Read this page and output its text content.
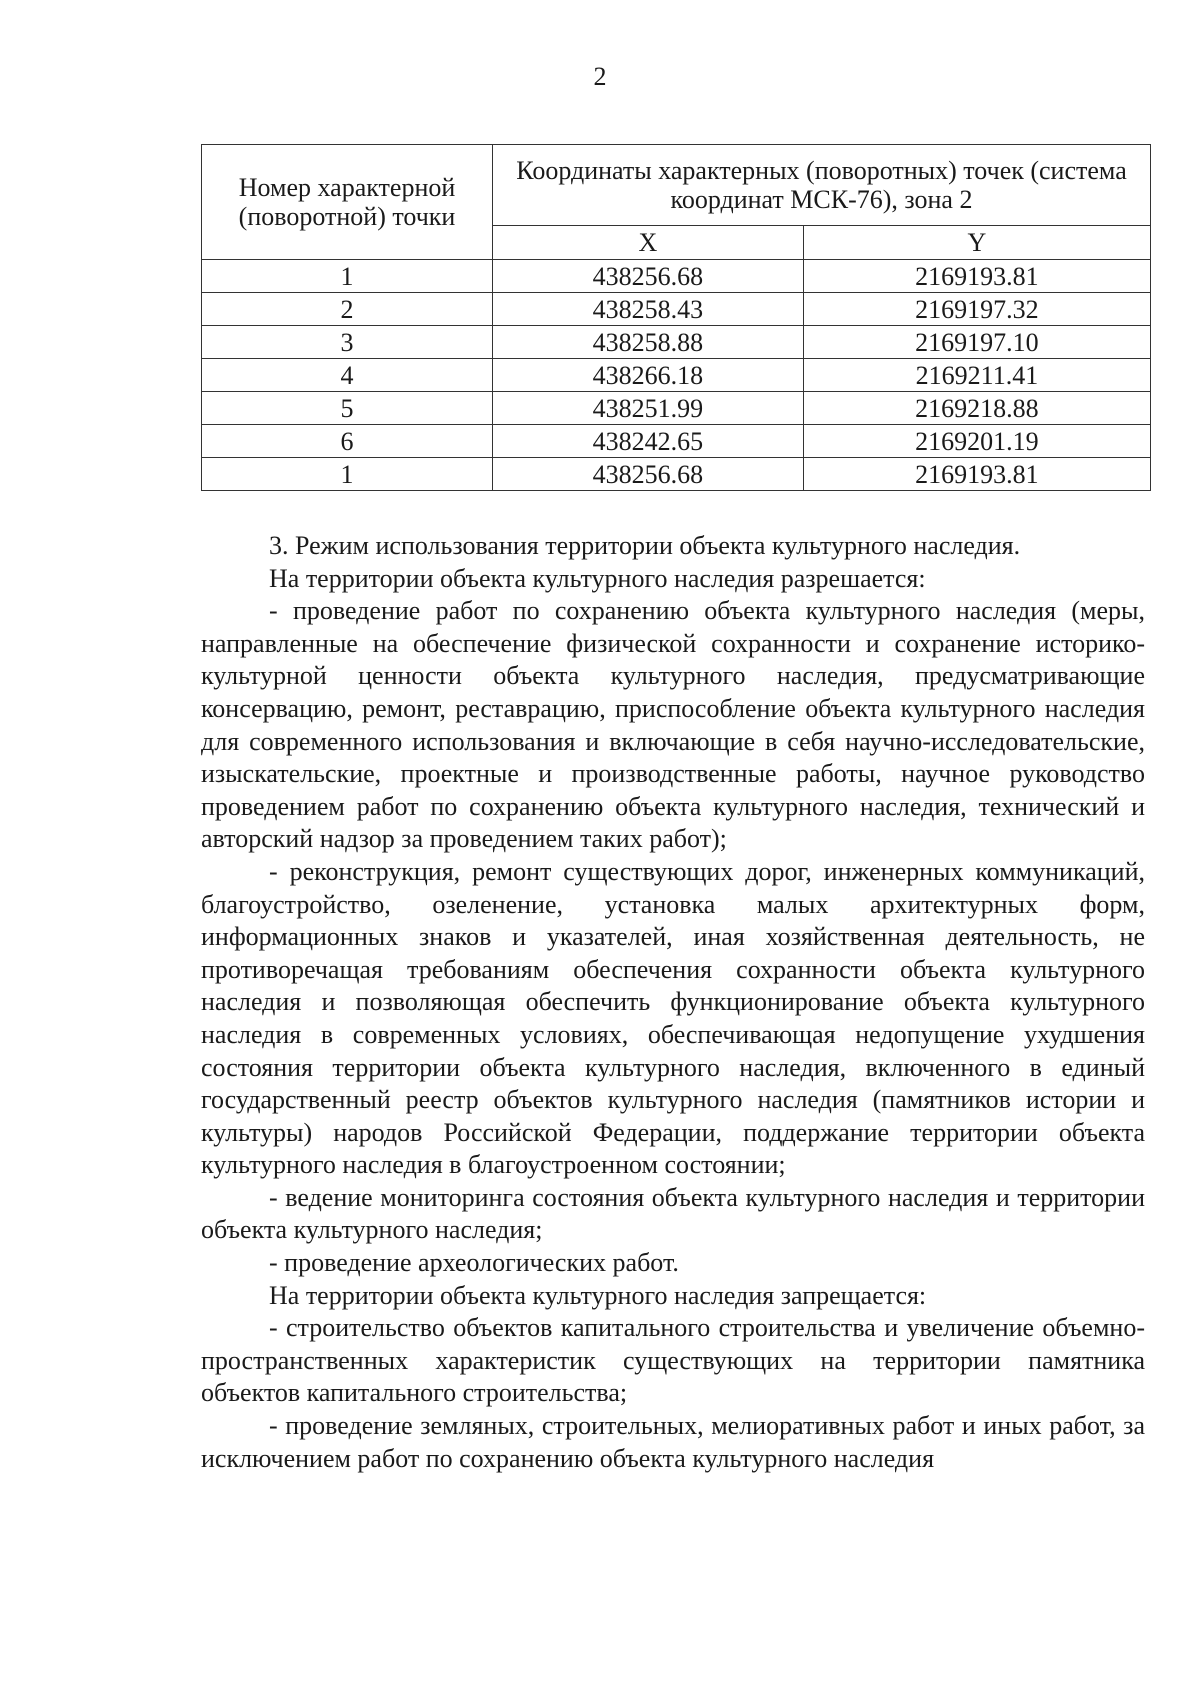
2
Номер характерной (поворотной) точки	Координаты характерных (поворотных) точек (система координат МСК-76), зона 2	
	X	Y
1	438256.68	2169193.81
2	438258.43	2169197.32
3	438258.88	2169197.10
4	438266.18	2169211.41
5	438251.99	2169218.88
6	438242.65	2169201.19
1	438256.68	2169193.81

3. Режим использования территории объекта культурного наследия.

На территории объекта культурного наследия разрешается:

- проведение работ по сохранению объекта культурного наследия (меры, направленные на обеспечение физической сохранности и сохранение историко-культурной ценности объекта культурного наследия, предусматривающие консервацию, ремонт, реставрацию, приспособление объекта культурного наследия для современного использования и включающие в себя научно-исследовательские, изыскательские, проектные и производственные работы, научное руководство проведением работ по сохранению объекта культурного наследия, технический и авторский надзор за проведением таких работ);

- реконструкция, ремонт существующих дорог, инженерных коммуникаций, благоустройство, озеленение, установка малых архитектурных форм, информационных знаков и указателей, иная хозяйственная деятельность, не противоречащая требованиям обеспечения сохранности объекта культурного наследия и позволяющая обеспечить функционирование объекта культурного наследия в современных условиях, обеспечивающая недопущение ухудшения состояния территории объекта культурного наследия, включенного в единый государственный реестр объектов культурного наследия (памятников истории и культуры) народов Российской Федерации, поддержание территории объекта культурного наследия в благоустроенном состоянии;

- ведение мониторинга состояния объекта культурного наследия и территории объекта культурного наследия;

- проведение археологических работ.

На территории объекта культурного наследия запрещается:

- строительство объектов капитального строительства и увеличение объемно-пространственных характеристик существующих на территории памятника объектов капитального строительства;

- проведение земляных, строительных, мелиоративных работ и иных работ, за исключением работ по сохранению объекта культурного наследия
